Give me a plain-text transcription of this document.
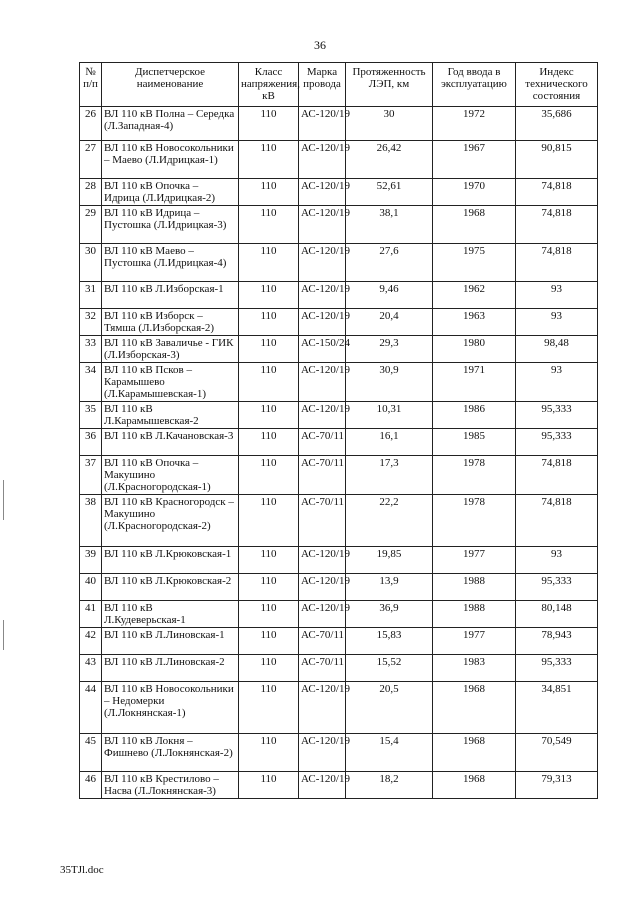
36
№ п/п	Диспетчерское наименование	Класс напряжения, кВ	Марка провода	Протяженность ЛЭП, км	Год ввода в эксплуатацию	Индекс технического состояния
26	ВЛ 110 кВ Полна – Середка (Л.Западная-4)	110	АС-120/19	30	1972	35,686
27	ВЛ 110 кВ Новосокольники – Маево (Л.Идрицкая-1)	110	АС-120/19	26,42	1967	90,815
28	ВЛ 110 кВ Опочка – Идрица (Л.Идрицкая-2)	110	АС-120/19	52,61	1970	74,818
29	ВЛ 110 кВ Идрица – Пустошка (Л.Идрицкая-3)	110	АС-120/19	38,1	1968	74,818
30	ВЛ 110 кВ Маево – Пустошка (Л.Идрицкая-4)	110	АС-120/19	27,6	1975	74,818
31	ВЛ 110 кВ Л.Изборская-1	110	АС-120/19	9,46	1962	93
32	ВЛ 110 кВ Изборск – Тямша (Л.Изборская-2)	110	АС-120/19	20,4	1963	93
33	ВЛ 110 кВ Заваличье - ГИК (Л.Изборская-3)	110	АС-150/24	29,3	1980	98,48
34	ВЛ 110 кВ Псков – Карамышево (Л.Карамышевская-1)	110	АС-120/19	30,9	1971	93
35	ВЛ 110 кВ Л.Карамышевская-2	110	АС-120/19	10,31	1986	95,333
36	ВЛ 110 кВ Л.Качановская-3	110	АС-70/11	16,1	1985	95,333
37	ВЛ 110 кВ Опочка – Макушино (Л.Красногородская-1)	110	АС-70/11	17,3	1978	74,818
38	ВЛ 110 кВ Красногородск – Макушино (Л.Красногородская-2)	110	АС-70/11	22,2	1978	74,818
39	ВЛ 110 кВ Л.Крюковская-1	110	АС-120/19	19,85	1977	93
40	ВЛ 110 кВ Л.Крюковская-2	110	АС-120/19	13,9	1988	95,333
41	ВЛ 110 кВ Л.Кудеверьская-1	110	АС-120/19	36,9	1988	80,148
42	ВЛ 110 кВ Л.Линовская-1	110	АС-70/11	15,83	1977	78,943
43	ВЛ 110 кВ Л.Линовская-2	110	АС-70/11	15,52	1983	95,333
44	ВЛ 110 кВ Новосокольники – Недомерки (Л.Локнянская-1)	110	АС-120/19	20,5	1968	34,851
45	ВЛ 110 кВ Локня – Фишнево (Л.Локнянская-2)	110	АС-120/19	15,4	1968	70,549
46	ВЛ 110 кВ Крестилово – Насва (Л.Локнянская-3)	110	АС-120/19	18,2	1968	79,313
35TJl.doc
